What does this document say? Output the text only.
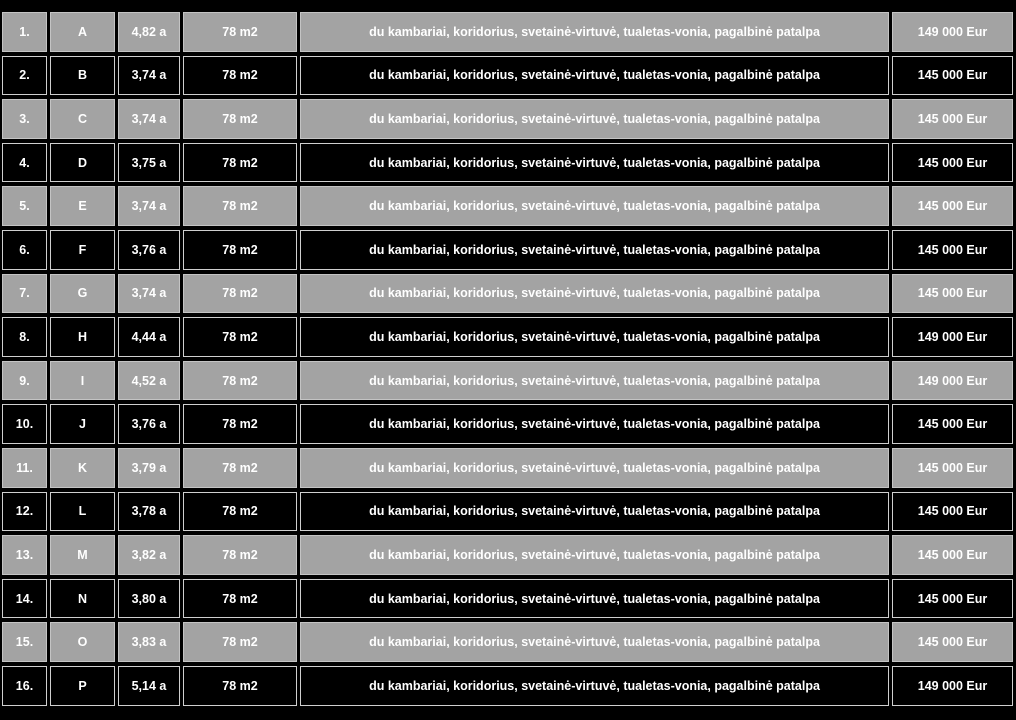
1.	A	4,82 a	78 m2	du kambariai, koridorius, svetainė-virtuvė, tualetas-vonia, pagalbinė patalpa	149 000 Eur
2.	B	3,74 a	78 m2	du kambariai, koridorius, svetainė-virtuvė, tualetas-vonia, pagalbinė patalpa	145 000 Eur
3.	C	3,74 a	78 m2	du kambariai, koridorius, svetainė-virtuvė, tualetas-vonia, pagalbinė patalpa	145 000 Eur
4.	D	3,75 a	78 m2	du kambariai, koridorius, svetainė-virtuvė, tualetas-vonia, pagalbinė patalpa	145 000 Eur
5.	E	3,74 a	78 m2	du kambariai, koridorius, svetainė-virtuvė, tualetas-vonia, pagalbinė patalpa	145 000 Eur
6.	F	3,76 a	78 m2	du kambariai, koridorius, svetainė-virtuvė, tualetas-vonia, pagalbinė patalpa	145 000 Eur
7.	G	3,74 a	78 m2	du kambariai, koridorius, svetainė-virtuvė, tualetas-vonia, pagalbinė patalpa	145 000 Eur
8.	H	4,44 a	78 m2	du kambariai, koridorius, svetainė-virtuvė, tualetas-vonia, pagalbinė patalpa	149 000 Eur
9.	I	4,52 a	78 m2	du kambariai, koridorius, svetainė-virtuvė, tualetas-vonia, pagalbinė patalpa	149 000 Eur
10.	J	3,76 a	78 m2	du kambariai, koridorius, svetainė-virtuvė, tualetas-vonia, pagalbinė patalpa	145 000 Eur
11.	K	3,79 a	78 m2	du kambariai, koridorius, svetainė-virtuvė, tualetas-vonia, pagalbinė patalpa	145 000 Eur
12.	L	3,78 a	78 m2	du kambariai, koridorius, svetainė-virtuvė, tualetas-vonia, pagalbinė patalpa	145 000 Eur
13.	M	3,82 a	78 m2	du kambariai, koridorius, svetainė-virtuvė, tualetas-vonia, pagalbinė patalpa	145 000 Eur
14.	N	3,80 a	78 m2	du kambariai, koridorius, svetainė-virtuvė, tualetas-vonia, pagalbinė patalpa	145 000 Eur
15.	O	3,83 a	78 m2	du kambariai, koridorius, svetainė-virtuvė, tualetas-vonia, pagalbinė patalpa	145 000 Eur
16.	P	5,14 a	78 m2	du kambariai, koridorius, svetainė-virtuvė, tualetas-vonia, pagalbinė patalpa	149 000 Eur
